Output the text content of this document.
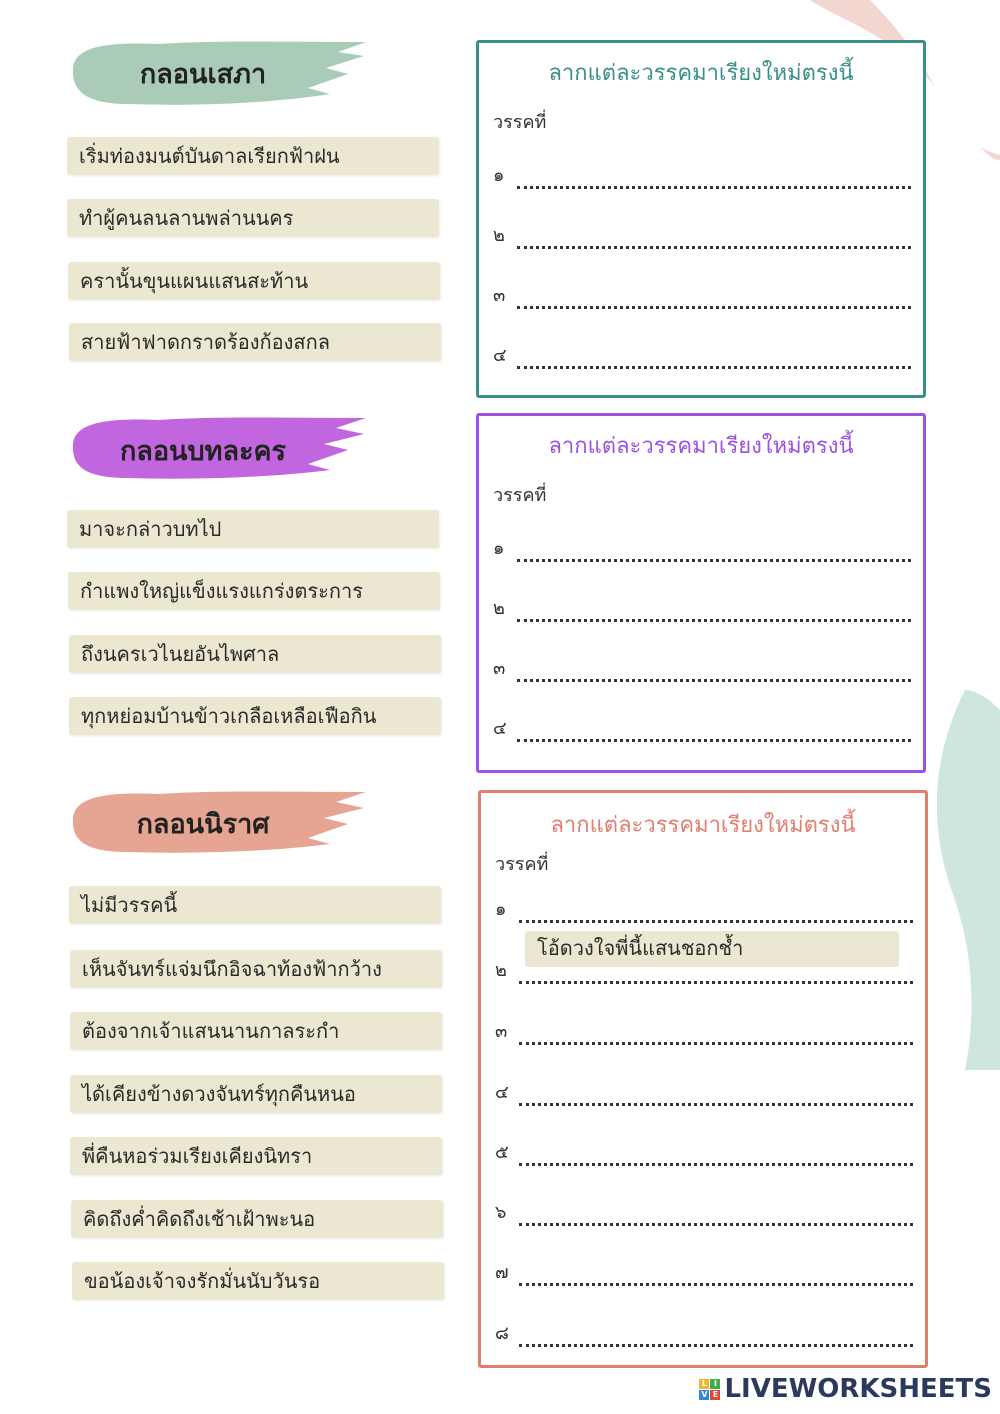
กลอนเสภา
เริ่มท่องมนต์บันดาลเรียกฟ้าฝน
ทำผู้คนลนลานพล่านนคร
ครานั้นขุนแผนแสนสะท้าน
สายฟ้าฟาดกราดร้องก้องสกล
ลากแต่ละวรรคมาเรียงใหม่ตรงนี้
วรรคที่
๑
๒
๓
๔
กลอนบทละคร
มาจะกล่าวบทไป
กำแพงใหญ่แข็งแรงแกร่งตระการ
ถึงนครเวไนยอันไพศาล
ทุกหย่อมบ้านข้าวเกลือเหลือเฟือกิน
ลากแต่ละวรรคมาเรียงใหม่ตรงนี้
วรรคที่
๑
๒
๓
๔
กลอนนิราศ
ไม่มีวรรคนี้
เห็นจันทร์แจ่มนึกอิจฉาท้องฟ้ากว้าง
ต้องจากเจ้าแสนนานกาลระกำ
ได้เคียงข้างดวงจันทร์ทุกคืนหนอ
พี่คืนหอร่วมเรียงเคียงนิทรา
คิดถึงค่ำคิดถึงเช้าเฝ้าพะนอ
ขอน้องเจ้าจงรักมั่นนับวันรอ
ลากแต่ละวรรคมาเรียงใหม่ตรงนี้
วรรคที่
๑
๒
๓
๔
๕
๖
๗
๘
โอ้ดวงใจพี่นี้แสนชอกช้ำ
L I
V E LIVEWORKSHEETS
